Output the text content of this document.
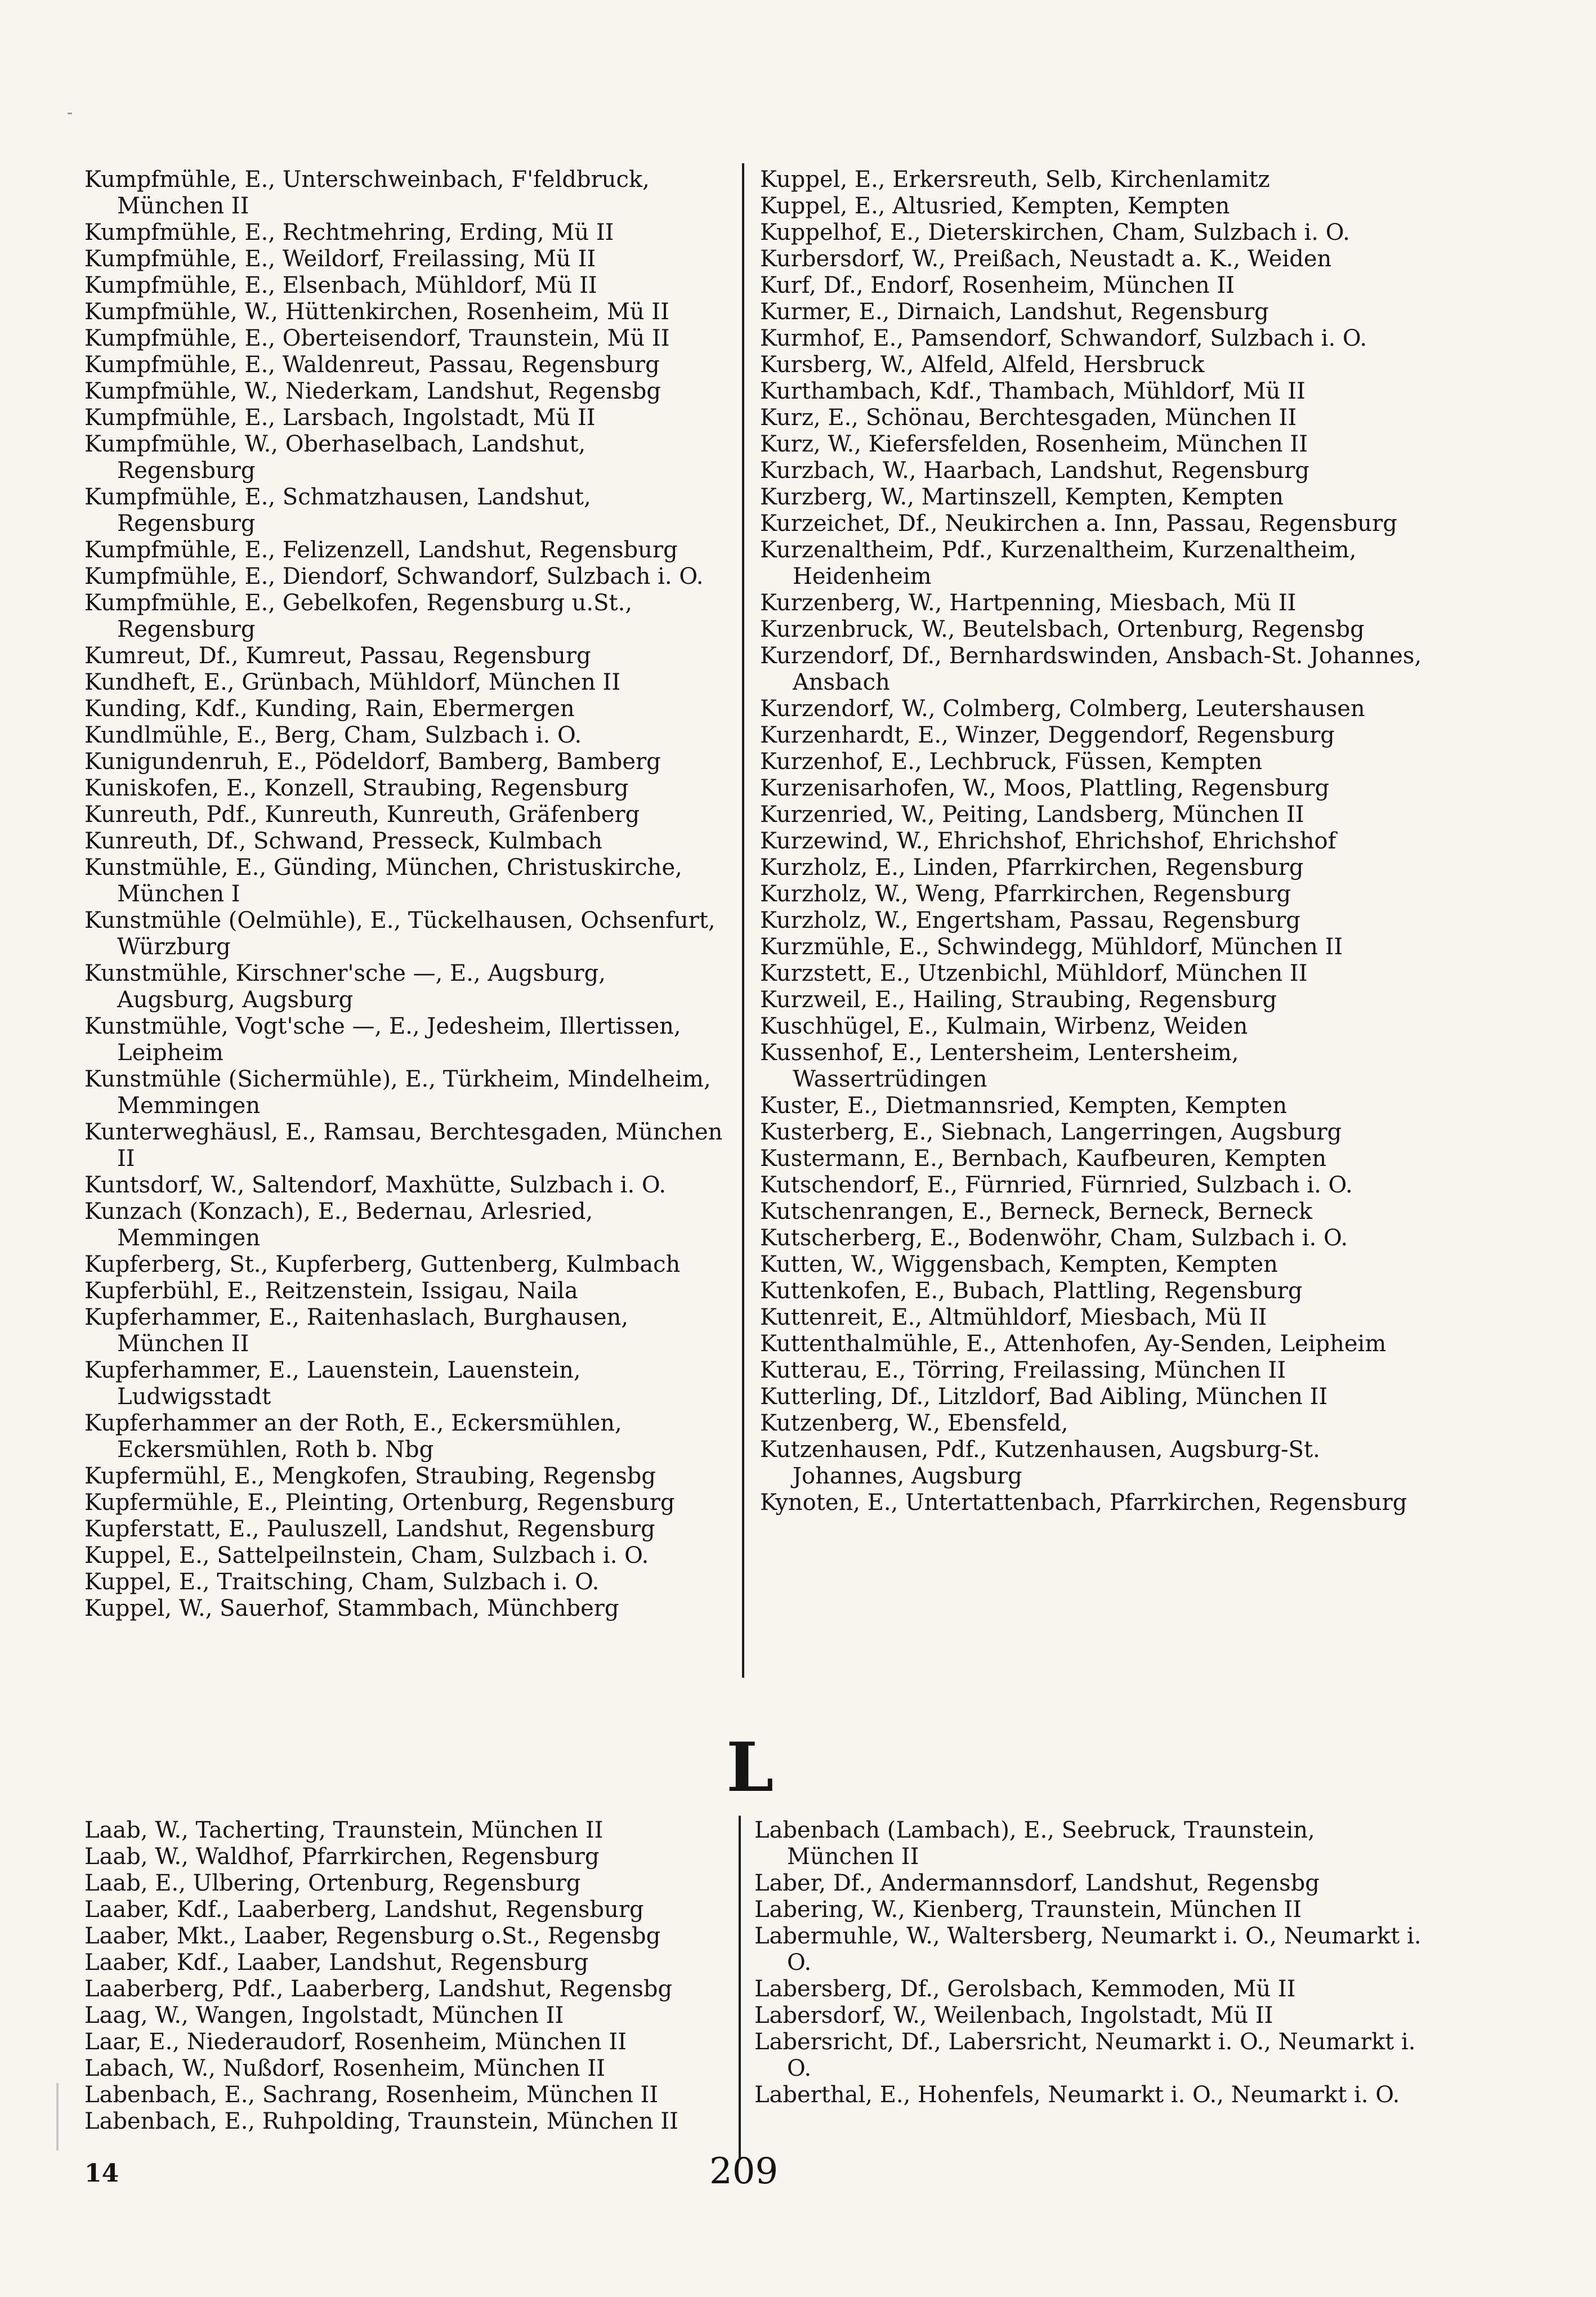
Kumpfmühle, E., Unterschweinbach, F'feldbruck, München II
Kumpfmühle, E., Rechtmehring, Erding, Mü II
Kumpfmühle, E., Weildorf, Freilassing, Mü II
Kumpfmühle, E., Elsenbach, Mühldorf, Mü II
Kumpfmühle, W., Hüttenkirchen, Rosenheim, Mü II
Kumpfmühle, E., Oberteisendorf, Traunstein, Mü II
Kumpfmühle, E., Waldenreut, Passau, Regensburg
Kumpfmühle, W., Niederkam, Landshut, Regensbg
Kumpfmühle, E., Larsbach, Ingolstadt, Mü II
Kumpfmühle, W., Oberhaselbach, Landshut, Regensburg
Kumpfmühle, E., Schmatzhausen, Landshut, Regensburg
Kumpfmühle, E., Felizenzell, Landshut, Regensburg
Kumpfmühle, E., Diendorf, Schwandorf, Sulzbach i. O.
Kumpfmühle, E., Gebelkofen, Regensburg u.St., Regensburg
Kumreut, Df., Kumreut, Passau, Regensburg
Kundheft, E., Grünbach, Mühldorf, München II
Kunding, Kdf., Kunding, Rain, Ebermergen
Kundlmühle, E., Berg, Cham, Sulzbach i. O.
Kunigundenruh, E., Pödeldorf, Bamberg, Bamberg
Kuniskofen, E., Konzell, Straubing, Regensburg
Kunreuth, Pdf., Kunreuth, Kunreuth, Gräfenberg
Kunreuth, Df., Schwand, Presseck, Kulmbach
Kunstmühle, E., Günding, München, Christuskirche, München I
Kunstmühle (Oelmühle), E., Tückelhausen, Ochsenfurt, Würzburg
Kunstmühle, Kirschner'sche —, E., Augsburg, Augsburg, Augsburg
Kunstmühle, Vogt'sche —, E., Jedesheim, Illertissen, Leipheim
Kunstmühle (Sichermühle), E., Türkheim, Mindelheim, Memmingen
Kunterweghäusl, E., Ramsau, Berchtesgaden, München II
Kuntsdorf, W., Saltendorf, Maxhütte, Sulzbach i. O.
Kunzach (Konzach), E., Bedernau, Arlesried, Memmingen
Kupferberg, St., Kupferberg, Guttenberg, Kulmbach
Kupferbühl, E., Reitzenstein, Issigau, Naila
Kupferhammer, E., Raitenhaslach, Burghausen, München II
Kupferhammer, E., Lauenstein, Lauenstein, Ludwigsstadt
Kupferhammer an der Roth, E., Eckersmühlen, Eckersmühlen, Roth b. Nbg
Kupfermühl, E., Mengkofen, Straubing, Regensbg
Kupfermühle, E., Pleinting, Ortenburg, Regensburg
Kupferstatt, E., Pauluszell, Landshut, Regensburg
Kuppel, E., Sattelpeilnstein, Cham, Sulzbach i. O.
Kuppel, E., Traitsching, Cham, Sulzbach i. O.
Kuppel, W., Sauerhof, Stammbach, Münchberg
Kuppel, E., Erkersreuth, Selb, Kirchenlamitz
Kuppel, E., Altusried, Kempten, Kempten
Kuppelhof, E., Dieterskirchen, Cham, Sulzbach i. O.
Kurbersdorf, W., Preißach, Neustadt a. K., Weiden
Kurf, Df., Endorf, Rosenheim, München II
Kurmer, E., Dirnaich, Landshut, Regensburg
Kurmhof, E., Pamsendorf, Schwandorf, Sulzbach i. O.
Kursberg, W., Alfeld, Alfeld, Hersbruck
Kurthambach, Kdf., Thambach, Mühldorf, Mü II
Kurz, E., Schönau, Berchtesgaden, München II
Kurz, W., Kiefersfelden, Rosenheim, München II
Kurzbach, W., Haarbach, Landshut, Regensburg
Kurzberg, W., Martinszell, Kempten, Kempten
Kurzeichet, Df., Neukirchen a. Inn, Passau, Regensburg
Kurzenaltheim, Pdf., Kurzenaltheim, Kurzenaltheim, Heidenheim
Kurzenberg, W., Hartpenning, Miesbach, Mü II
Kurzenbruck, W., Beutelsbach, Ortenburg, Regensbg
Kurzendorf, Df., Bernhardswinden, Ansbach-St. Johannes, Ansbach
Kurzendorf, W., Colmberg, Colmberg, Leutershausen
Kurzenhardt, E., Winzer, Deggendorf, Regensburg
Kurzenhof, E., Lechbruck, Füssen, Kempten
Kurzenisarhofen, W., Moos, Plattling, Regensburg
Kurzenried, W., Peiting, Landsberg, München II
Kurzewind, W., Ehrichshof, Ehrichshof, Ehrichshof
Kurzholz, E., Linden, Pfarrkirchen, Regensburg
Kurzholz, W., Weng, Pfarrkirchen, Regensburg
Kurzholz, W., Engertsham, Passau, Regensburg
Kurzmühle, E., Schwindegg, Mühldorf, München II
Kurzstett, E., Utzenbichl, Mühldorf, München II
Kurzweil, E., Hailing, Straubing, Regensburg
Kuschhügel, E., Kulmain, Wirbenz, Weiden
Kussenhof, E., Lentersheim, Lentersheim, Wassertrüdingen
Kuster, E., Dietmannsried, Kempten, Kempten
Kusterberg, E., Siebnach, Langerringen, Augsburg
Kustermann, E., Bernbach, Kaufbeuren, Kempten
Kutschendorf, E., Fürnried, Fürnried, Sulzbach i. O.
Kutschenrangen, E., Berneck, Berneck, Berneck
Kutscherberg, E., Bodenwöhr, Cham, Sulzbach i. O.
Kutten, W., Wiggensbach, Kempten, Kempten
Kuttenkofen, E., Bubach, Plattling, Regensburg
Kuttenreit, E., Altmühldorf, Miesbach, Mü II
Kuttenthalmühle, E., Attenhofen, Ay-Senden, Leipheim
Kutterau, E., Törring, Freilassing, München II
Kutterling, Df., Litzldorf, Bad Aibling, München II
Kutzenberg, W., Ebensfeld,
Kutzenhausen, Pdf., Kutzenhausen, Augsburg-St. Johannes, Augsburg
Kynoten, E., Untertattenbach, Pfarrkirchen, Regensburg
L
Laab, W., Tacherting, Traunstein, München II
Laab, W., Waldhof, Pfarrkirchen, Regensburg
Laab, E., Ulbering, Ortenburg, Regensburg
Laaber, Kdf., Laaberberg, Landshut, Regensburg
Laaber, Mkt., Laaber, Regensburg o.St., Regensbg
Laaber, Kdf., Laaber, Landshut, Regensburg
Laaberberg, Pdf., Laaberberg, Landshut, Regensbg
Laag, W., Wangen, Ingolstadt, München II
Laar, E., Niederaudorf, Rosenheim, München II
Labach, W., Nußdorf, Rosenheim, München II
Labenbach, E., Sachrang, Rosenheim, München II
Labenbach, E., Ruhpolding, Traunstein, München II
Labenbach (Lambach), E., Seebruck, Traunstein, München II
Laber, Df., Andermannsdorf, Landshut, Regensbg
Labering, W., Kienberg, Traunstein, München II
Labermuhle, W., Waltersberg, Neumarkt i. O., Neumarkt i. O.
Labersberg, Df., Gerolsbach, Kemmoden, Mü II
Labersdorf, W., Weilenbach, Ingolstadt, Mü II
Labersricht, Df., Labersricht, Neumarkt i. O., Neumarkt i. O.
Laberthal, E., Hohenfels, Neumarkt i. O., Neumarkt i. O.
14	209
